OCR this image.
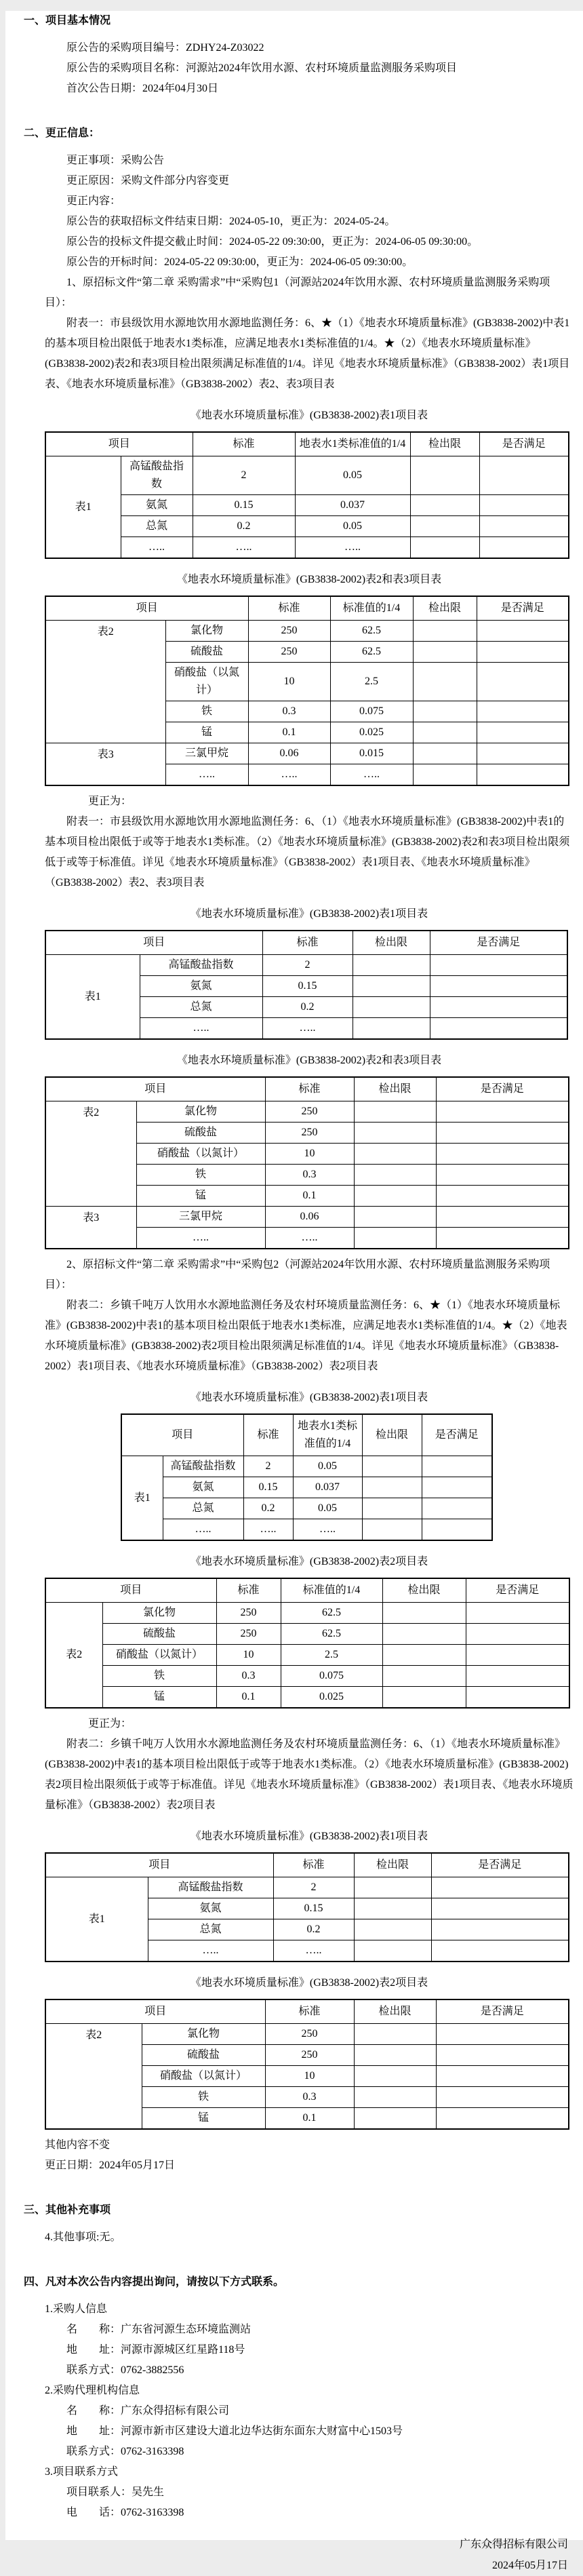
一、项目基本情况

原公告的采购项目编号：ZDHY24-Z03022

原公告的采购项目名称：河源站2024年饮用水源、农村环境质量监测服务采购项目

首次公告日期：2024年04月30日

二、更正信息：

更正事项：采购公告

更正原因：采购文件部分内容变更

更正内容：

原公告的获取招标文件结束日期：2024-05-10，更正为：2024-05-24。

原公告的投标文件提交截止时间：2024-05-22 09:30:00，更正为：2024-06-05 09:30:00。

原公告的开标时间：2024-05-22 09:30:00，更正为：2024-06-05 09:30:00。

1、原招标文件“第二章 采购需求”中“采购包1（河源站2024年饮用水源、农村环境质量监测服务采购项目）：

附表一：市县级饮用水源地饮用水源地监测任务：6、★（1）《地表水环境质量标准》(GB3838-2002)中表1的基本项目检出限低于地表水1类标准，应满足地表水1类标准值的1/4。★（2）《地表水环境质量标准》(GB3838-2002)表2和表3项目检出限须满足标准值的1/4。详见《地表水环境质量标准》（GB3838-2002）表1项目表、《地表水环境质量标准》（GB3838-2002）表2、表3项目表

《地表水环境质量标准》(GB3838-2002)表1项目表
项目		标准	地表水1类标准值的1/4	检出限	是否满足
表1	高锰酸盐指数	2	0.05		
	氨氮	0.15	0.037		
	总氮	0.2	0.05		
	…..	…..	…..		
《地表水环境质量标准》(GB3838-2002)表2和表3项目表
项目		标准	标准值的1/4	检出限	是否满足
表2	氯化物	250	62.5		
	硫酸盐	250	62.5		
	硝酸盐（以氮计）	10	2.5		
	铁	0.3	0.075		
	锰	0.1	0.025		
表3	三氯甲烷	0.06	0.015		
	…..	…..	…..		

更正为：

附表一：市县级饮用水源地饮用水源地监测任务：6、（1）《地表水环境质量标准》(GB3838-2002)中表1的基本项目检出限低于或等于地表水1类标准。（2）《地表水环境质量标准》(GB3838-2002)表2和表3项目检出限须低于或等于标准值。详见《地表水环境质量标准》（GB3838-2002）表1项目表、《地表水环境质量标准》（GB3838-2002）表2、表3项目表

《地表水环境质量标准》(GB3838-2002)表1项目表
项目		标准	检出限	是否满足
表1	高锰酸盐指数	2		
	氨氮	0.15		
	总氮	0.2		
	…..	…..		
《地表水环境质量标准》(GB3838-2002)表2和表3项目表
项目		标准	检出限	是否满足
表2	氯化物	250		
	硫酸盐	250		
	硝酸盐（以氮计）	10		
	铁	0.3		
	锰	0.1		
表3	三氯甲烷	0.06		
	…..	…..		

2、原招标文件“第二章 采购需求”中“采购包2（河源站2024年饮用水源、农村环境质量监测服务采购项目）：

附表二：乡镇千吨万人饮用水水源地监测任务及农村环境质量监测任务：6、★（1）《地表水环境质量标准》(GB3838-2002)中表1的基本项目检出限低于地表水1类标准，应满足地表水1类标准值的1/4。★（2）《地表水环境质量标准》(GB3838-2002)表2项目检出限须满足标准值的1/4。详见《地表水环境质量标准》（GB3838-2002）表1项目表、《地表水环境质量标准》（GB3838-2002）表2项目表

《地表水环境质量标准》(GB3838-2002)表1项目表
项目		标准	地表水1类标准值的1/4	检出限	是否满足
表1	高锰酸盐指数	2	0.05		
	氨氮	0.15	0.037		
	总氮	0.2	0.05		
	…..	…..	…..		
《地表水环境质量标准》(GB3838-2002)表2项目表
项目		标准	标准值的1/4	检出限	是否满足
表2	氯化物	250	62.5		
	硫酸盐	250	62.5		
	硝酸盐（以氮计）	10	2.5		
	铁	0.3	0.075		
	锰	0.1	0.025		

更正为：

附表二：乡镇千吨万人饮用水水源地监测任务及农村环境质量监测任务：6、（1）《地表水环境质量标准》(GB3838-2002)中表1的基本项目检出限低于或等于地表水1类标准。（2）《地表水环境质量标准》(GB3838-2002)表2项目检出限须低于或等于标准值。详见《地表水环境质量标准》（GB3838-2002）表1项目表、《地表水环境质量标准》（GB3838-2002）表2项目表

《地表水环境质量标准》(GB3838-2002)表1项目表
项目		标准	检出限	是否满足
表1	高锰酸盐指数	2		
	氨氮	0.15		
	总氮	0.2		
	…..	…..		
《地表水环境质量标准》(GB3838-2002)表2项目表
项目		标准	检出限	是否满足
表2	氯化物	250		
	硫酸盐	250		
	硝酸盐（以氮计）	10		
	铁	0.3		
	锰	0.1		

其他内容不变

更正日期：2024年05月17日

三、其他补充事项

4.其他事项:无。

四、凡对本次公告内容提出询问，请按以下方式联系。

1.采购人信息

名　　称：广东省河源生态环境监测站

地　　址：河源市源城区红星路118号

联系方式：0762-3882556

2.采购代理机构信息

名　　称：广东众得招标有限公司

地　　址：河源市新市区建设大道北边华达街东面东大财富中心1503号

联系方式：0762-3163398

3.项目联系方式

项目联系人：吴先生

电　　话：0762-3163398

广东众得招标有限公司

2024年05月17日
